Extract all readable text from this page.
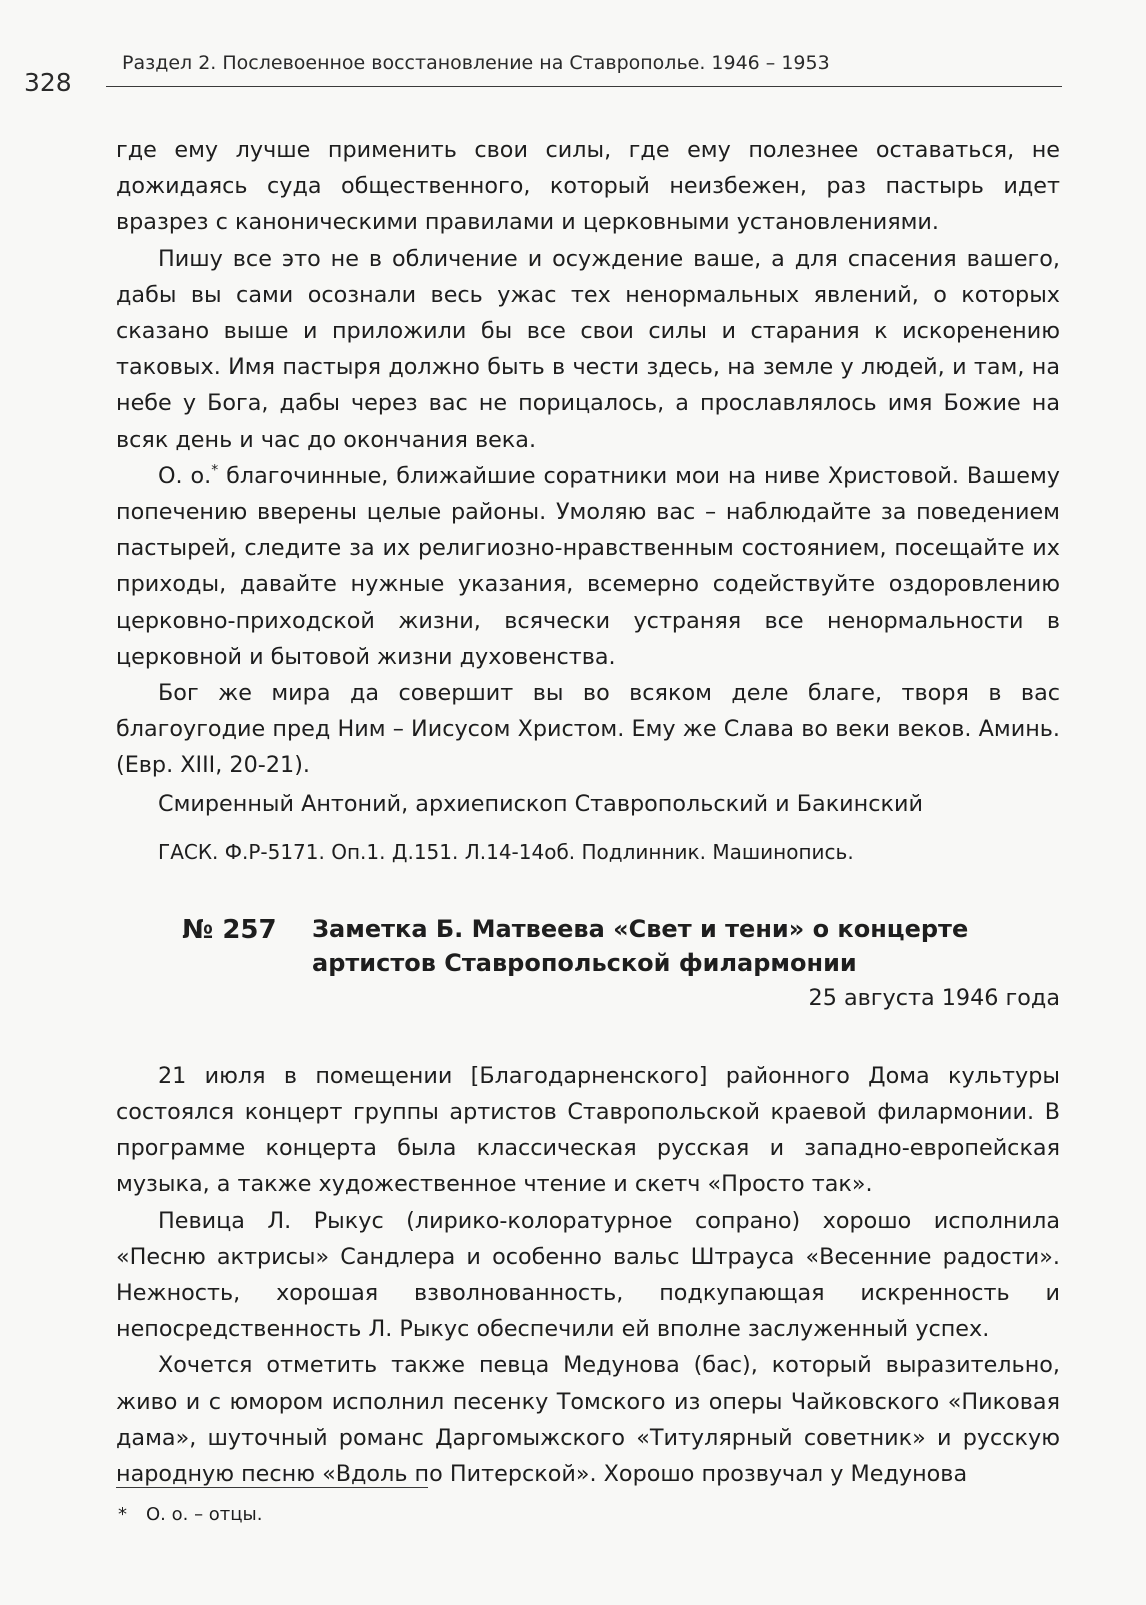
328
Раздел 2. Послевоенное восстановление на Ставрополье. 1946 – 1953

где ему лучше применить свои силы, где ему полезнее оставаться, не дожидаясь суда общественного, который неизбежен, раз пастырь идет вразрез с каноническими правилами и церковными установлениями.

Пишу все это не в обличение и осуждение ваше, а для спасения вашего, дабы вы сами осознали весь ужас тех ненормальных явлений, о которых сказано выше и приложили бы все свои силы и старания к искоренению таковых. Имя пастыря должно быть в чести здесь, на земле у людей, и там, на небе у Бога, дабы через вас не порицалось, а прославлялось имя Божие на всяк день и час до окончания века.

О. о.* благочинные, ближайшие соратники мои на ниве Христовой. Вашему попечению вверены целые районы. Умоляю вас – наблюдайте за поведением пастырей, следите за их религиозно-нравственным состоянием, посещайте их приходы, давайте нужные указания, всемерно содействуйте оздоровлению церковно-приходской жизни, всячески устраняя все ненормальности в церковной и бытовой жизни духовенства.

Бог же мира да совершит вы во всяком деле благе, творя в вас благоугодие пред Ним – Иисусом Христом. Ему же Слава во веки веков. Аминь. (Евр. XIII, 20-21).

Смиренный Антоний, архиепископ Ставропольский и Бакинский

ГАСК. Ф.Р-5171. Оп.1. Д.151. Л.14-14об. Подлинник. Машинопись.

№ 257	Заметка Б. Матвеева «Свет и тени» о концерте артистов Ставропольской филармонии
25 августа 1946 года

21 июля в помещении [Благодарненского] районного Дома культуры состоялся концерт группы артистов Ставропольской краевой филармонии. В программе концерта была классическая русская и западно-европейская музыка, а также художественное чтение и скетч «Просто так».

Певица Л. Рыкус (лирико-колоратурное сопрано) хорошо исполнила «Песню актрисы» Сандлера и особенно вальс Штрауса «Весенние радости». Нежность, хорошая взволнованность, подкупающая искренность и непосредственность Л. Рыкус обеспечили ей вполне заслуженный успех.

Хочется отметить также певца Медунова (бас), который выразительно, живо и с юмором исполнил песенку Томского из оперы Чайковского «Пиковая дама», шуточный романс Даргомыжского «Титулярный советник» и русскую народную песню «Вдоль по Питерской». Хорошо прозвучал у Медунова

* О. о. – отцы.
